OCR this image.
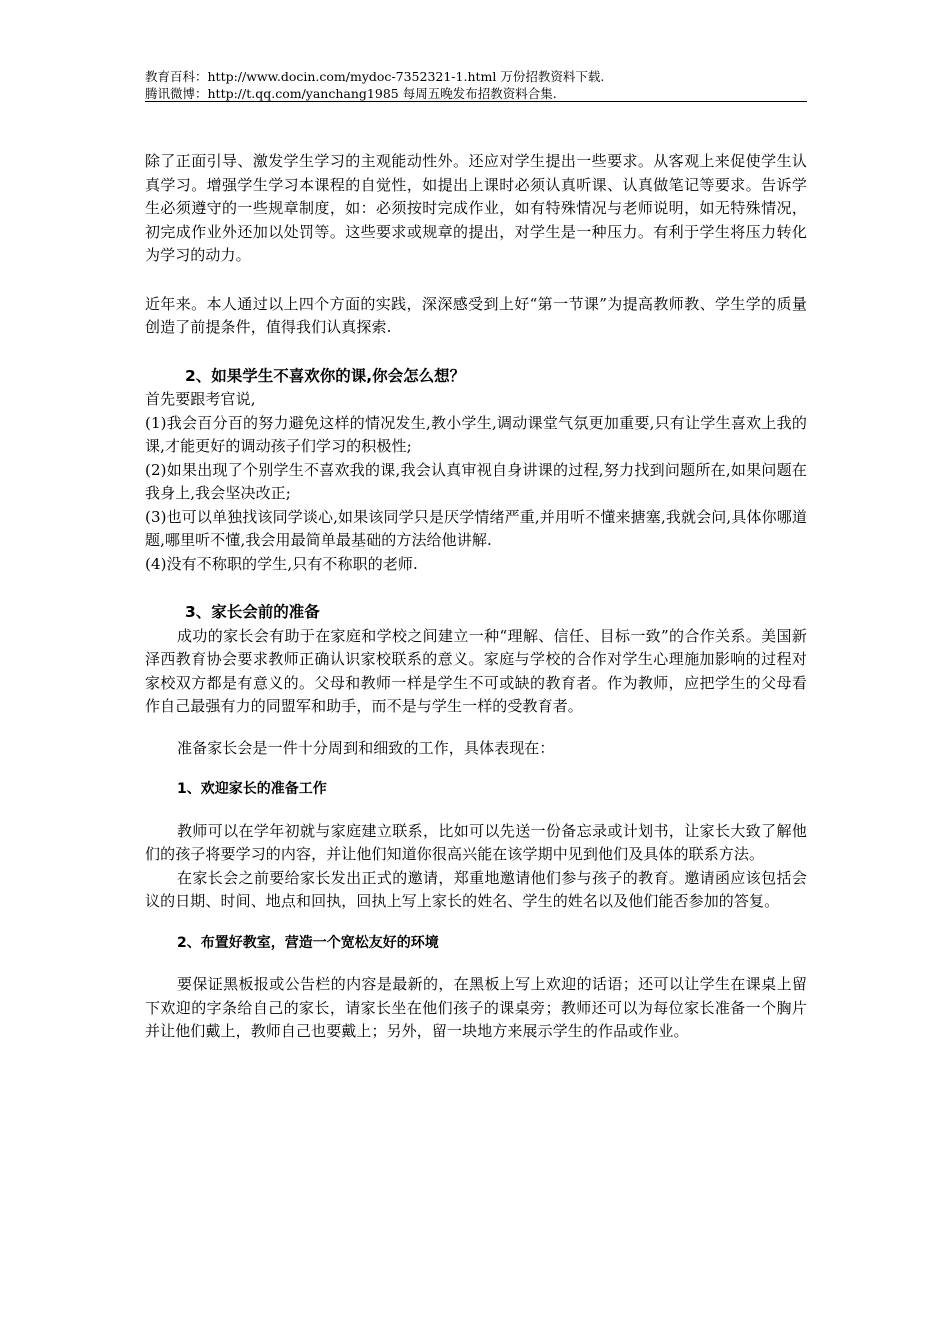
教育百科：http://www.docin.com/mydoc-7352321-1.html 万份招教资料下载.
腾讯微博：http://t.qq.com/yanchang1985 每周五晚发布招教资料合集.

除了正面引导、激发学生学习的主观能动性外。还应对学生提出一些要求。从客观上来促使学生认真学习。增强学生学习本课程的自觉性，如提出上课时必须认真听课、认真做笔记等要求。告诉学生必须遵守的一些规章制度，如：必须按时完成作业，如有特殊情况与老师说明，如无特殊情况，初完成作业外还加以处罚等。这些要求或规章的提出，对学生是一种压力。有利于学生将压力转化为学习的动力。

近年来。本人通过以上四个方面的实践，深深感受到上好“第一节课”为提高教师教、学生学的质量创造了前提条件，值得我们认真探索.

2、如果学生不喜欢你的课,你会怎么想？

首先要跟考官说,

(1)我会百分百的努力避免这样的情况发生,教小学生,调动课堂气氛更加重要,只有让学生喜欢上我的课,才能更好的调动孩子们学习的积极性;

(2)如果出现了个别学生不喜欢我的课,我会认真审视自身讲课的过程,努力找到问题所在,如果问题在我身上,我会坚决改正;

(3)也可以单独找该同学谈心,如果该同学只是厌学情绪严重,并用听不懂来搪塞,我就会问,具体你哪道题,哪里听不懂,我会用最简单最基础的方法给他讲解.

(4)没有不称职的学生,只有不称职的老师.

3、家长会前的准备

成功的家长会有助于在家庭和学校之间建立一种“理解、信任、目标一致”的合作关系。美国新泽西教育协会要求教师正确认识家校联系的意义。家庭与学校的合作对学生心理施加影响的过程对家校双方都是有意义的。父母和教师一样是学生不可或缺的教育者。作为教师，应把学生的父母看作自己最强有力的同盟军和助手，而不是与学生一样的受教育者。

准备家长会是一件十分周到和细致的工作，具体表现在：

1、欢迎家长的准备工作

教师可以在学年初就与家庭建立联系，比如可以先送一份备忘录或计划书，让家长大致了解他们的孩子将要学习的内容，并让他们知道你很高兴能在该学期中见到他们及具体的联系方法。

在家长会之前要给家长发出正式的邀请，郑重地邀请他们参与孩子的教育。邀请函应该包括会议的日期、时间、地点和回执，回执上写上家长的姓名、学生的姓名以及他们能否参加的答复。

2、布置好教室，营造一个宽松友好的环境

要保证黑板报或公告栏的内容是最新的，在黑板上写上欢迎的话语；还可以让学生在课桌上留下欢迎的字条给自己的家长，请家长坐在他们孩子的课桌旁；教师还可以为每位家长准备一个胸片并让他们戴上，教师自己也要戴上；另外，留一块地方来展示学生的作品或作业。
